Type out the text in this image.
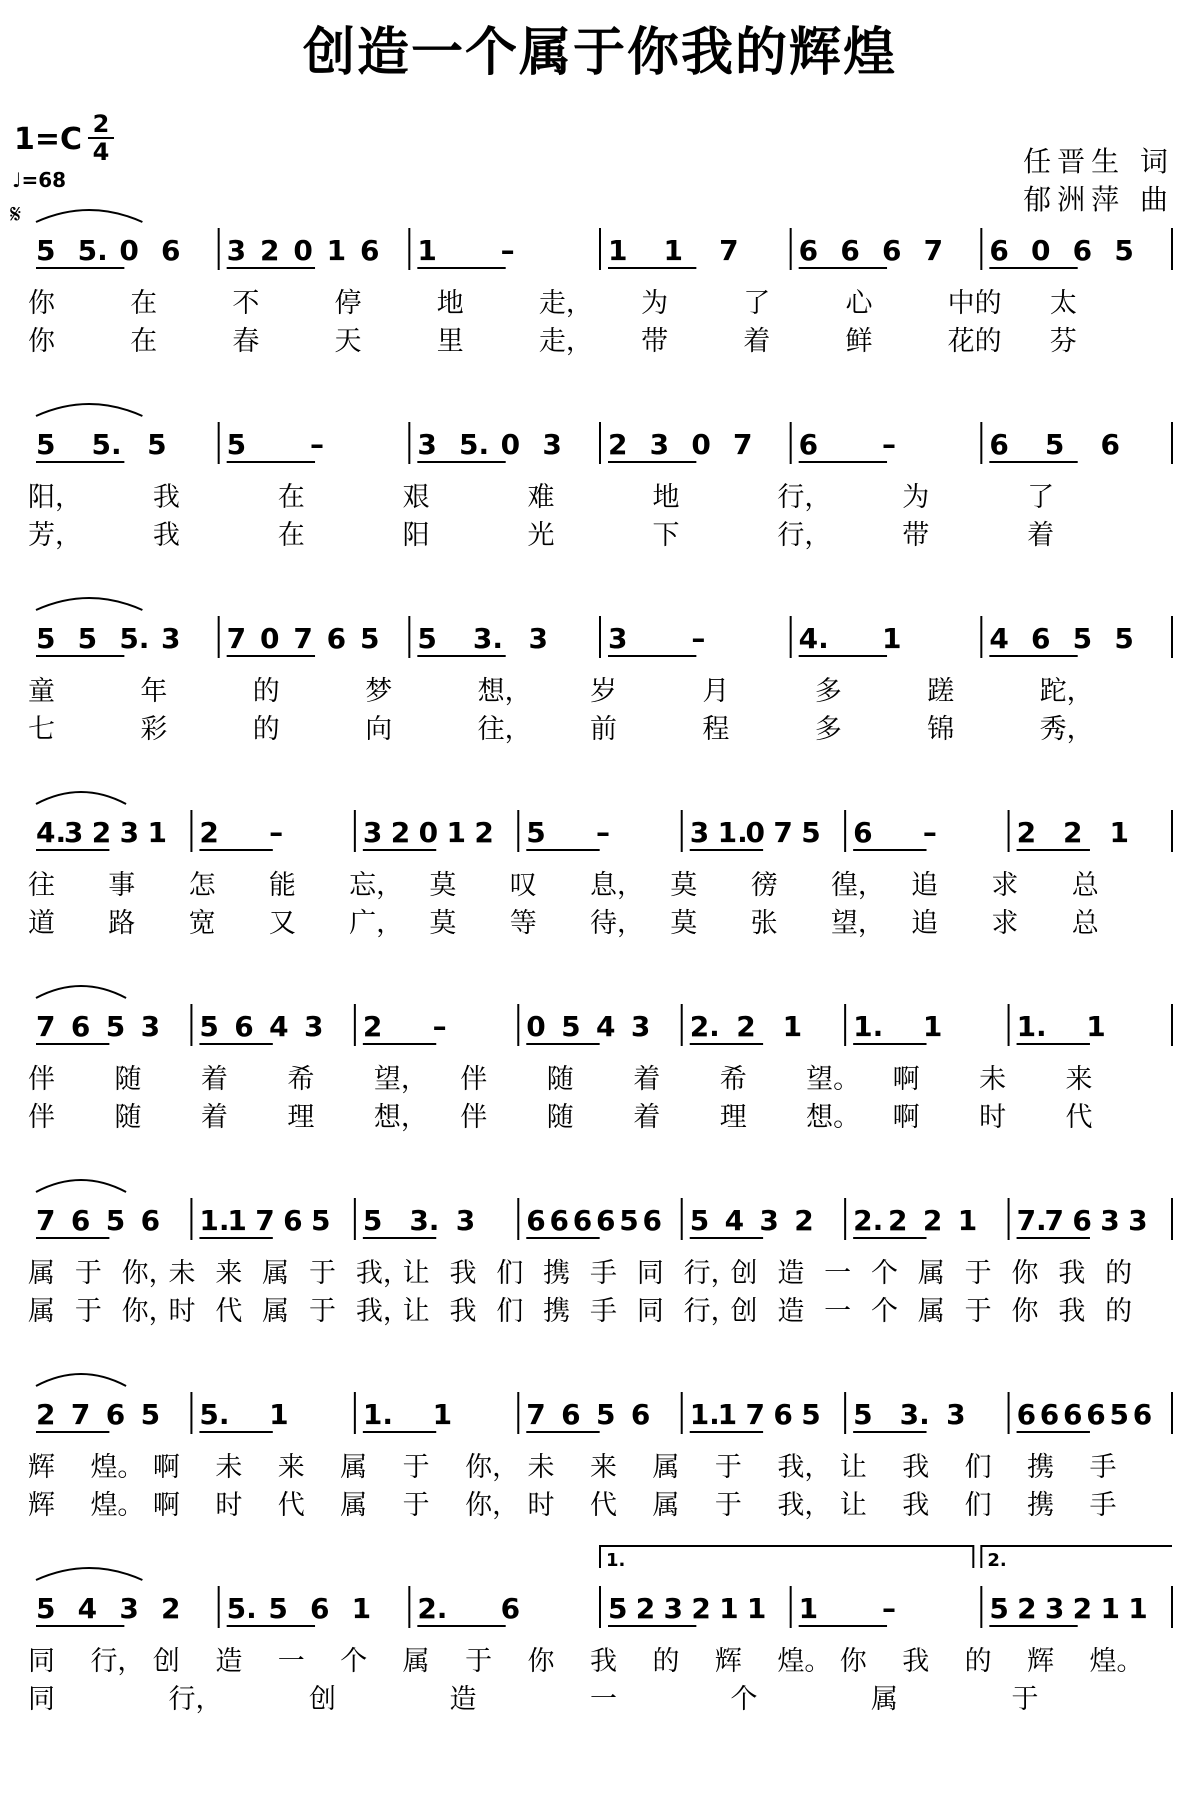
创造一个属于你我的辉煌
1=C 2
4
♩=68
𝄋
任晋生 词
郁洲萍 曲
5 5. 0 6 3 2 0 1 6 1 –	1 1 7 6 6 6 7 6 0 6 5
你	在	不	停	地	走， 为	了	心	中的 太
你	在	春	天	里	走， 带	着	鲜	花的 芬
5 5. 5 5 –	3 5. 0 3 2 3 0 7 6 –	6 5 6
阳，	我	在	艰	难	地	行，	为	了
芳，	我	在	阳	光	下	行，	带	着
5 5 5. 3 7 0 7 6 5 5 3. 3 3 –	4. 1	4 6 5 5
童	年	的	梦	想， 岁	月	多	蹉	跎，
七	彩	的	向	往， 前	程	多	锦	秀，
4.
3 2 3 1 2 –	3 2 0 1 2 5 –	3 1.
0 7 5 6 –	2 2 1
往 事 怎 能 忘， 莫 叹 息， 莫 徬 徨， 追 求 总
道 路 宽 又 广， 莫 等 待， 莫 张 望， 追 求 总
7 6 5 3 5 6 4 3 2 –	0 5 4 3 2. 2 1 1. 1	1. 1
伴 随 着 希 望， 伴 随 着 希 望。 啊 未 来
伴 随 着 理 想， 伴 随 着 理 想。 啊 时 代
7 6 5 6 1.
1 7 6 5 5 3. 3 6 6 6 6 5 6 5 4 3 2 2. 2 2 1 7.
7 6 3 3
属 于 你，
未 来 属 于 我，
让 我 们 携 手 同 行，
创 造 一 个 属 于 你 我 的
属 于 你，
时 代 属 于 我，
让 我 们 携 手 同 行，
创 造 一 个 属 于 你 我 的
2 7 6 5 5. 1	1. 1	7 6 5 6 1.
1 7 6 5 5 3. 3 6 6 6 6 5 6
辉 煌。 啊 未 来 属 于 你， 未 来 属 于 我， 让 我 们 携 手
辉 煌。 啊 时 代 属 于 你， 时 代 属 于 我， 让 我 们 携 手
5 4 3 2 5. 5 6 1 2. 6	5 2 3 2 1 1 1 –	5 2 3 2 1 1
同 行， 创 造 一 个 属 于 你 我 的 辉 煌。 你 我 的 辉 煌。
同	行，	创	造	一	个	属	于
1.	2.
